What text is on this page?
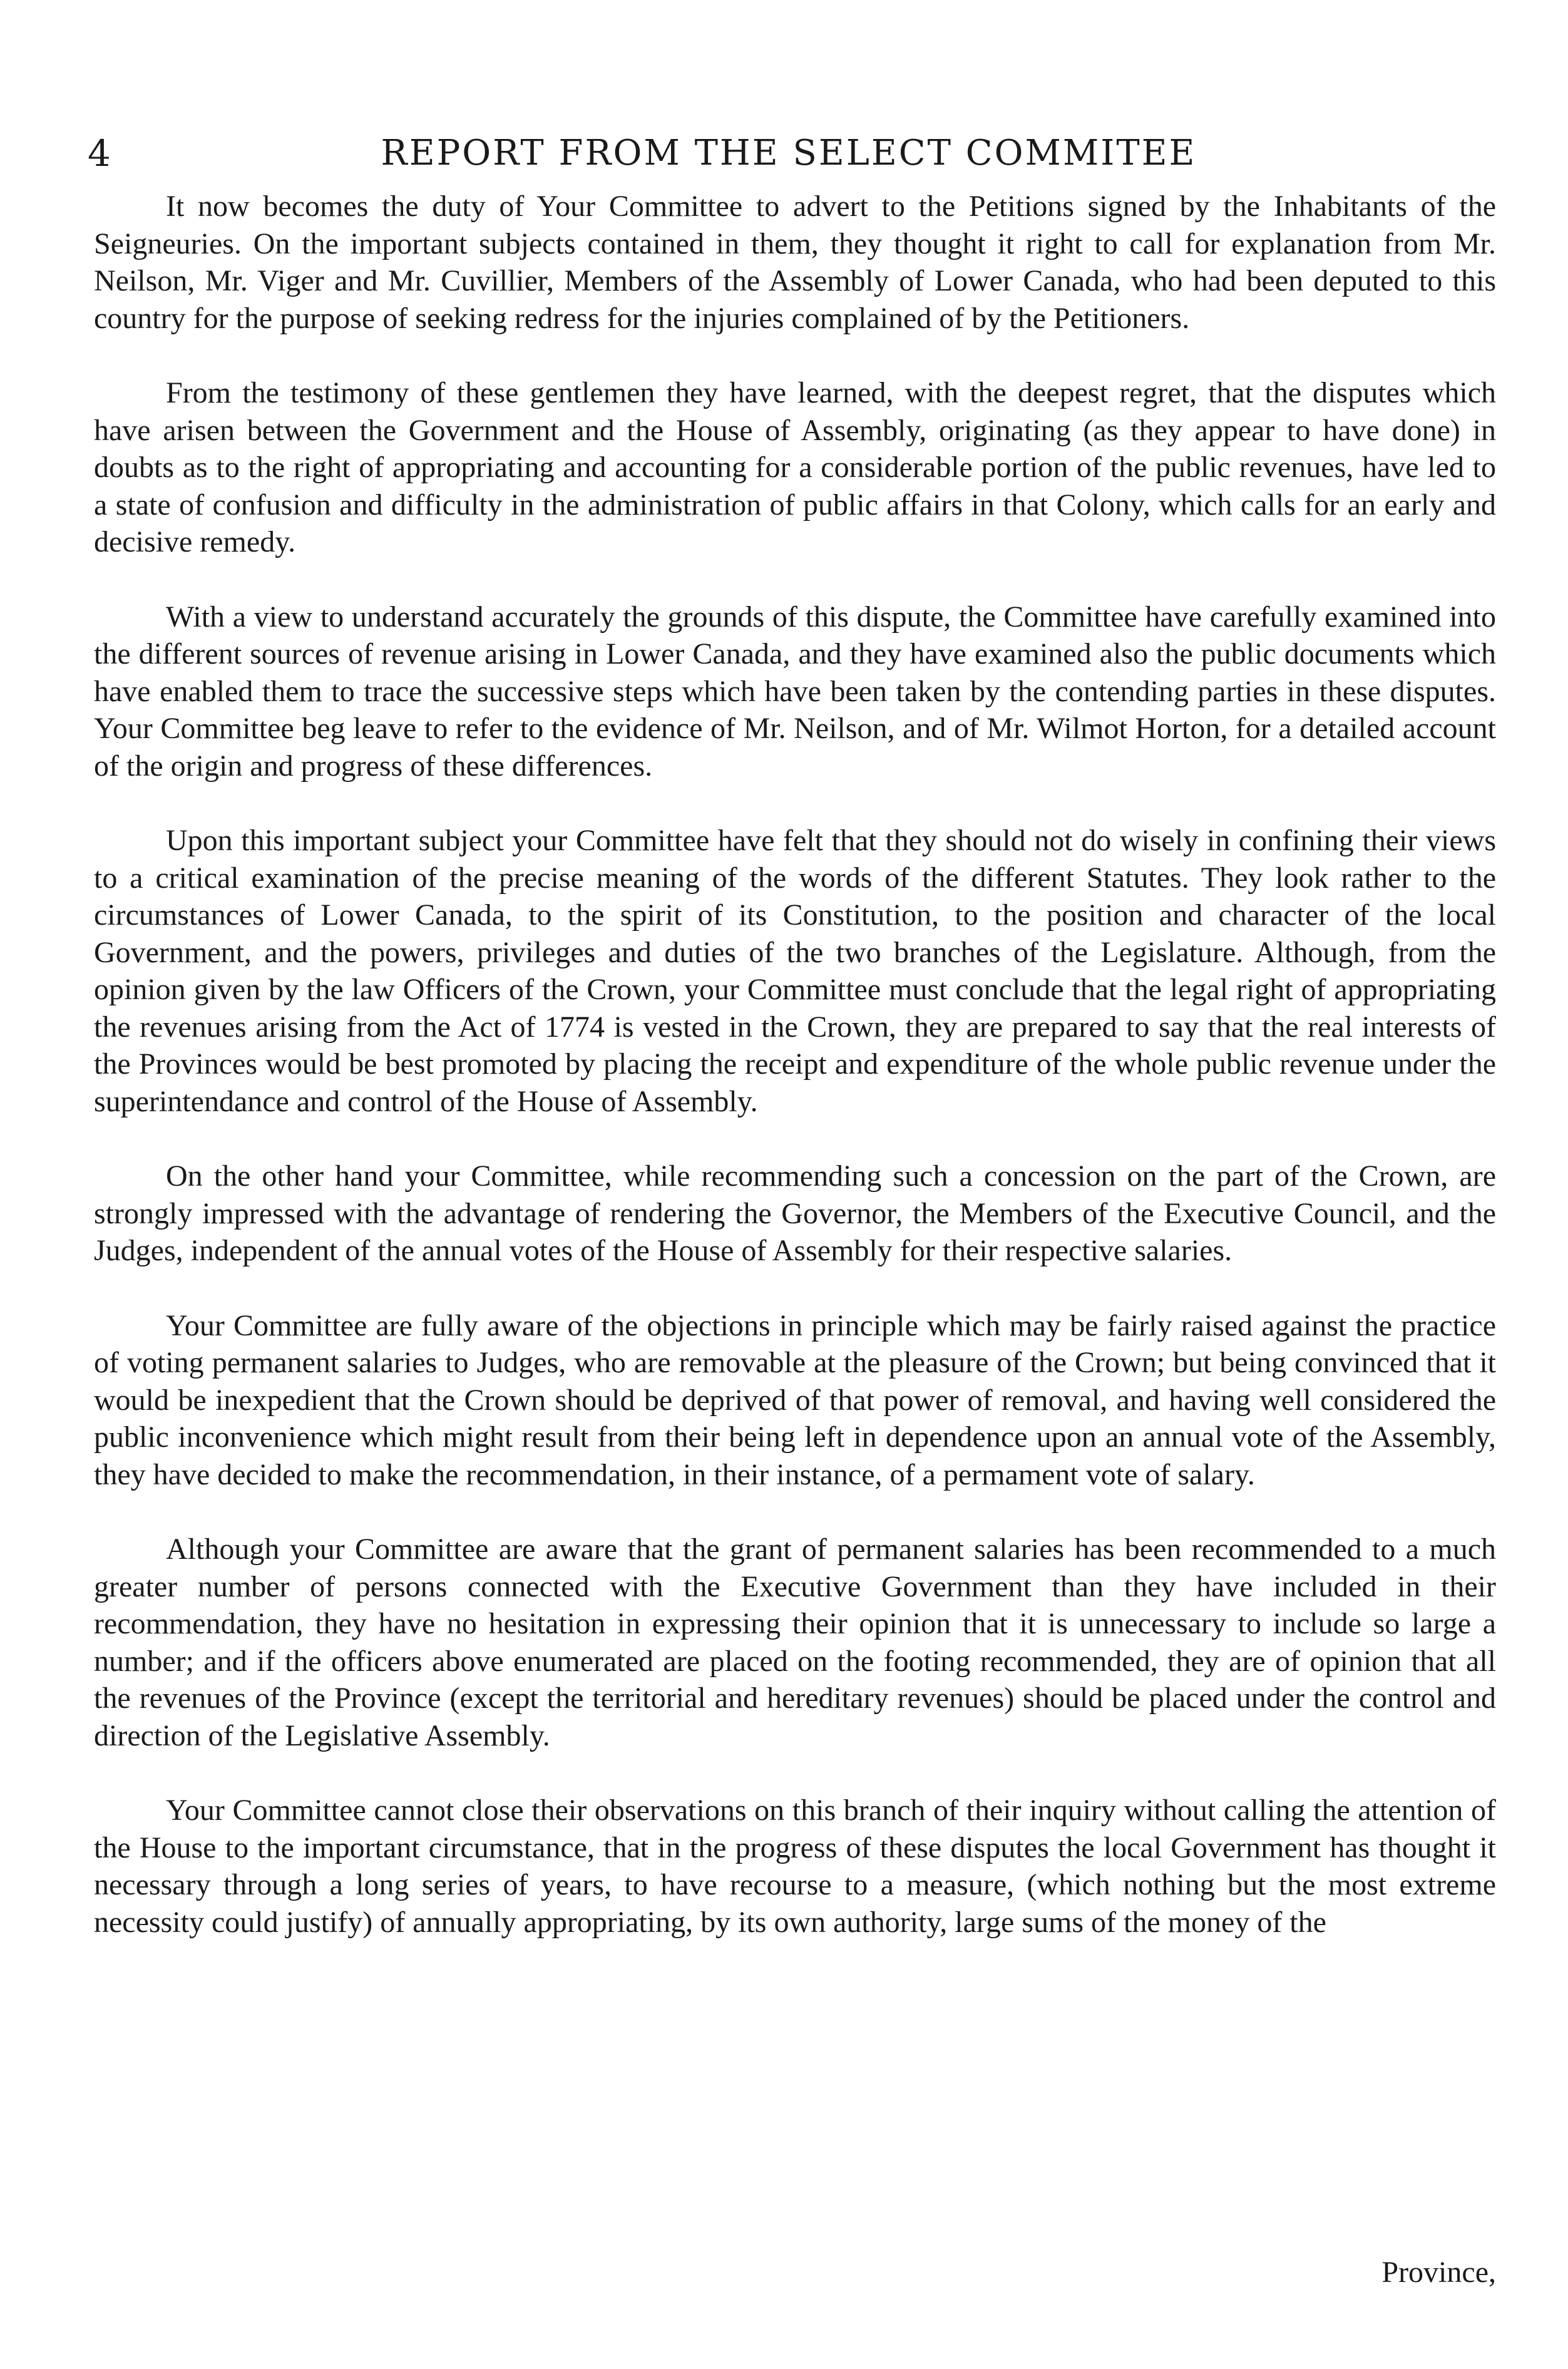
4	REPORT FROM THE SELECT COMMITEE

It now becomes the duty of Your Committee to advert to the Petitions signed by the Inhabitants of the Seigneuries. On the important subjects contained in them, they thought it right to call for explanation from Mr. Neilson, Mr. Viger and Mr. Cuvillier, Members of the Assembly of Lower Canada, who had been deputed to this country for the purpose of seeking redress for the injuries complained of by the Petitioners.

From the testimony of these gentlemen they have learned, with the deepest regret, that the disputes which have arisen between the Government and the House of Assembly, originating (as they appear to have done) in doubts as to the right of appropriating and accounting for a considerable portion of the public revenues, have led to a state of confusion and difficulty in the administration of public affairs in that Colony, which calls for an early and decisive remedy.

With a view to understand accurately the grounds of this dispute, the Committee have carefully examined into the different sources of revenue arising in Lower Canada, and they have examined also the public documents which have enabled them to trace the successive steps which have been taken by the contending parties in these disputes. Your Committee beg leave to refer to the evidence of Mr. Neilson, and of Mr. Wilmot Horton, for a detailed account of the origin and progress of these differences.

Upon this important subject your Committee have felt that they should not do wisely in confining their views to a critical examination of the precise meaning of the words of the different Statutes. They look rather to the circumstances of Lower Canada, to the spirit of its Constitution, to the position and character of the local Government, and the powers, privileges and duties of the two branches of the Legislature. Although, from the opinion given by the law Officers of the Crown, your Committee must conclude that the legal right of appropriating the revenues arising from the Act of 1774 is vested in the Crown, they are prepared to say that the real interests of the Provinces would be best promoted by placing the receipt and expenditure of the whole public revenue under the superintendance and control of the House of Assembly.

On the other hand your Committee, while recommending such a concession on the part of the Crown, are strongly impressed with the advantage of rendering the Governor, the Members of the Executive Council, and the Judges, independent of the annual votes of the House of Assembly for their respective salaries.

Your Committee are fully aware of the objections in principle which may be fairly raised against the practice of voting permanent salaries to Judges, who are removable at the pleasure of the Crown; but being convinced that it would be inexpedient that the Crown should be deprived of that power of removal, and having well considered the public inconvenience which might result from their being left in dependence upon an annual vote of the Assembly, they have decided to make the recommendation, in their instance, of a permament vote of salary.

Although your Committee are aware that the grant of permanent salaries has been recommended to a much greater number of persons connected with the Executive Government than they have included in their recommendation, they have no hesitation in expressing their opinion that it is unnecessary to include so large a number; and if the officers above enumerated are placed on the footing recommended, they are of opinion that all the revenues of the Province (except the territorial and hereditary revenues) should be placed under the control and direction of the Legislative Assembly.

Your Committee cannot close their observations on this branch of their inquiry without calling the attention of the House to the important circumstance, that in the progress of these disputes the local Government has thought it necessary through a long series of years, to have recourse to a measure, (which nothing but the most extreme necessity could justify) of annually appropriating, by its own authority, large sums of the money of the

Province,
